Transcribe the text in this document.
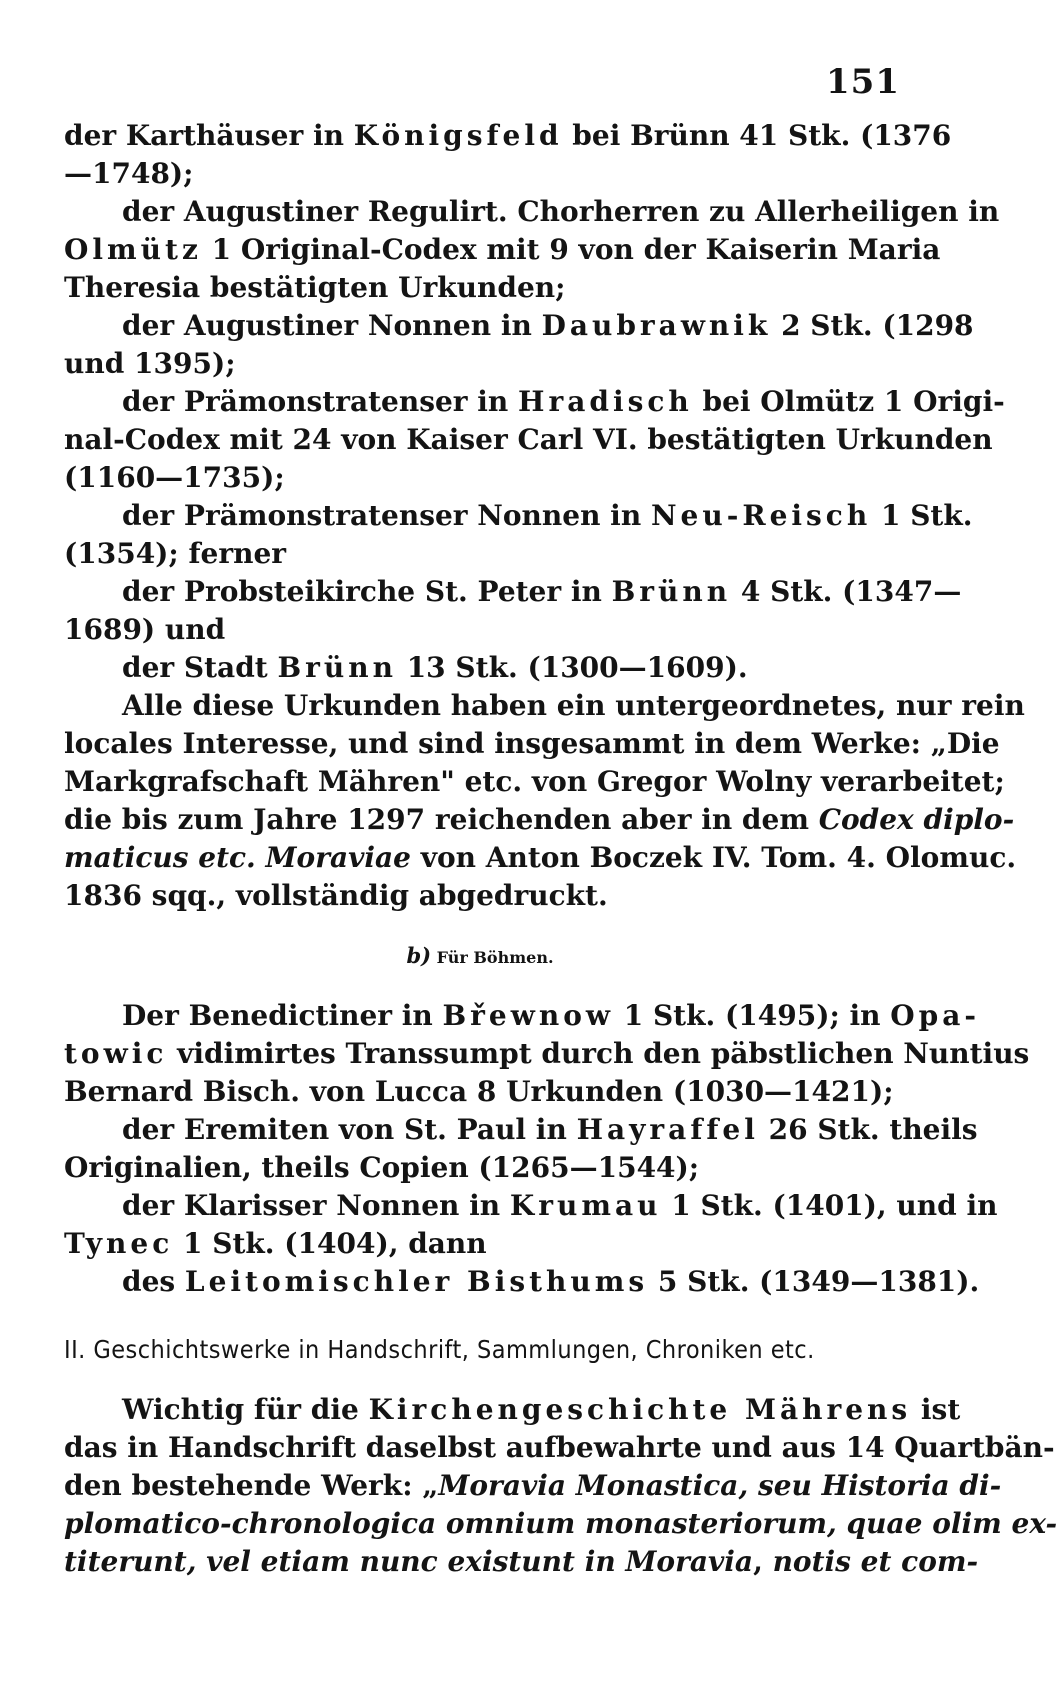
151
der Karthäuser in Königsfeld bei Brünn 41 Stk. (1376
—1748);
der Augustiner Regulirt. Chorherren zu Allerheiligen in
Olmütz 1 Original-Codex mit 9 von der Kaiserin Maria
Theresia bestätigten Urkunden;
der Augustiner Nonnen in Daubrawnik 2 Stk. (1298
und 1395);
der Prämonstratenser in Hradisch bei Olmütz 1 Origi-
nal-Codex mit 24 von Kaiser Carl VI. bestätigten Urkunden
(1160—1735);
der Prämonstratenser Nonnen in Neu-Reisch 1 Stk.
(1354); ferner
der Probsteikirche St. Peter in Brünn 4 Stk. (1347—
1689) und
der Stadt Brünn 13 Stk. (1300—1609).
Alle diese Urkunden haben ein untergeordnetes, nur rein
locales Interesse, und sind insgesammt in dem Werke: „Die
Markgrafschaft Mähren" etc. von Gregor Wolny verarbeitet;
die bis zum Jahre 1297 reichenden aber in dem Codex diplo-
maticus etc. Moraviae von Anton Boczek IV. Tom. 4. Olomuc.
1836 sqq., vollständig abgedruckt.
b) Für Böhmen.
Der Benedictiner in Břewnow 1 Stk. (1495); in Opa-
towic vidimirtes Transsumpt durch den päbstlichen Nuntius
Bernard Bisch. von Lucca 8 Urkunden (1030—1421);
der Eremiten von St. Paul in Hayraffel 26 Stk. theils
Originalien, theils Copien (1265—1544);
der Klarisser Nonnen in Krumau 1 Stk. (1401), und in
Tynec 1 Stk. (1404), dann
des Leitomischler Bisthums 5 Stk. (1349—1381).
II. Geschichtswerke in Handschrift, Sammlungen, Chroniken etc.
Wichtig für die Kirchengeschichte Mährens ist
das in Handschrift daselbst aufbewahrte und aus 14 Quartbän-
den bestehende Werk: „Moravia Monastica, seu Historia di-
plomatico-chronologica omnium monasteriorum, quae olim ex-
titerunt, vel etiam nunc existunt in Moravia, notis et com-
